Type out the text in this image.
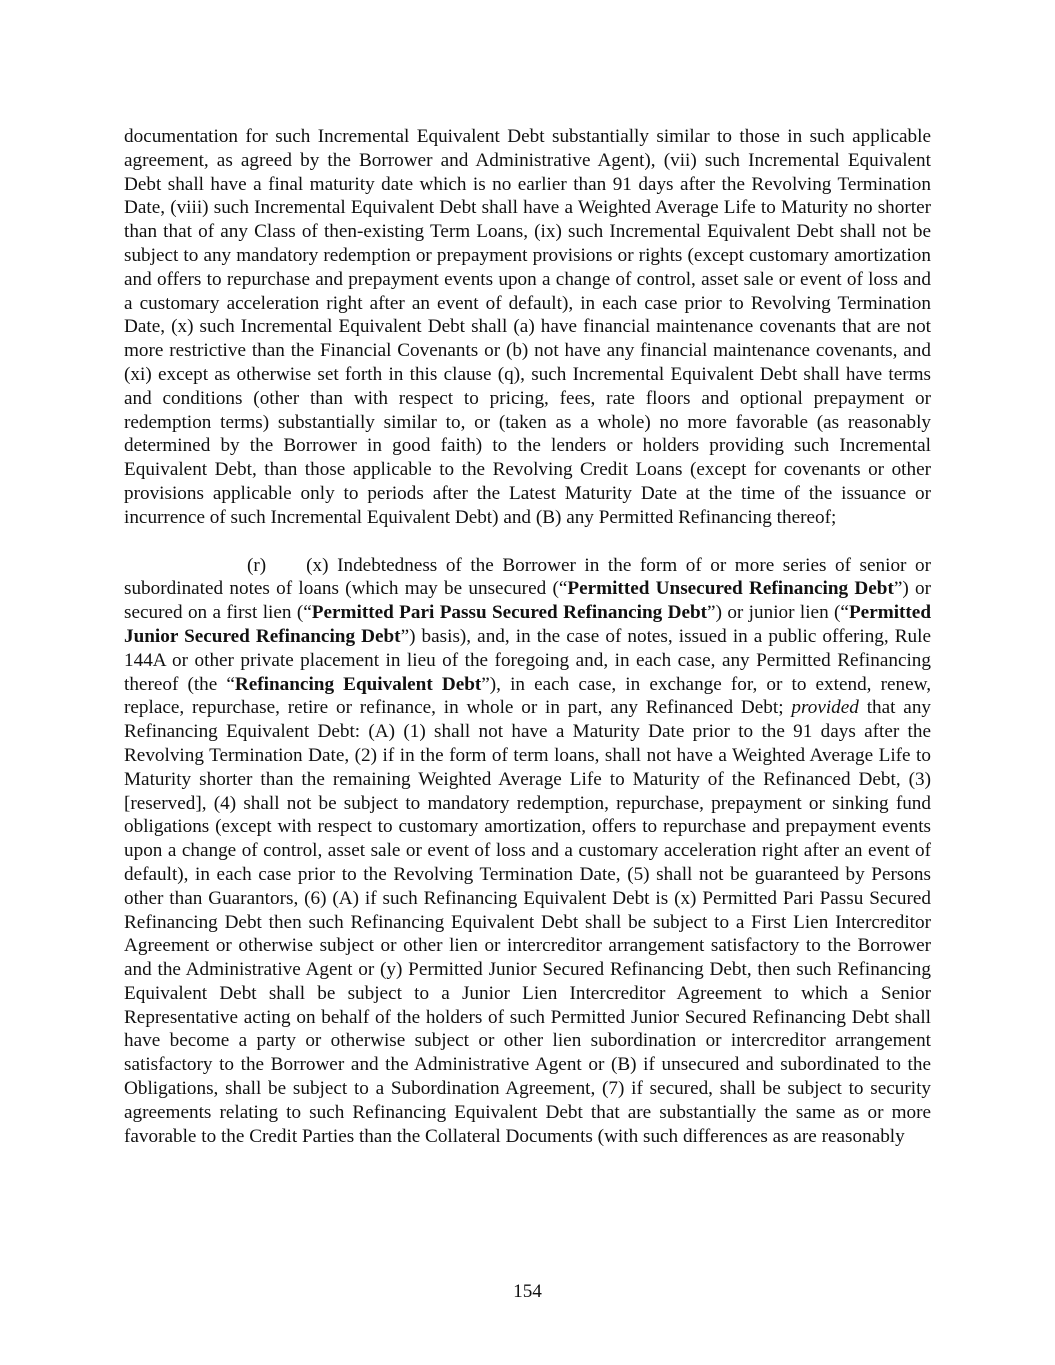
documentation for such Incremental Equivalent Debt substantially similar to those in such applicable agreement, as agreed by the Borrower and Administrative Agent), (vii) such Incremental Equivalent Debt shall have a final maturity date which is no earlier than 91 days after the Revolving Termination Date, (viii) such Incremental Equivalent Debt shall have a Weighted Average Life to Maturity no shorter than that of any Class of then-existing Term Loans, (ix) such Incremental Equivalent Debt shall not be subject to any mandatory redemption or prepayment provisions or rights (except customary amortization and offers to repurchase and prepayment events upon a change of control, asset sale or event of loss and a customary acceleration right after an event of default), in each case prior to Revolving Termination Date, (x) such Incremental Equivalent Debt shall (a) have financial maintenance covenants that are not more restrictive than the Financial Covenants or (b) not have any financial maintenance covenants, and (xi) except as otherwise set forth in this clause (q), such Incremental Equivalent Debt shall have terms and conditions (other than with respect to pricing, fees, rate floors and optional prepayment or redemption terms) substantially similar to, or (taken as a whole) no more favorable (as reasonably determined by the Borrower in good faith) to the lenders or holders providing such Incremental Equivalent Debt, than those applicable to the Revolving Credit Loans (except for covenants or other provisions applicable only to periods after the Latest Maturity Date at the time of the issuance or incurrence of such Incremental Equivalent Debt) and (B) any Permitted Refinancing thereof;

(r) (x) Indebtedness of the Borrower in the form of or more series of senior or subordinated notes of loans (which may be unsecured (“Permitted Unsecured Refinancing Debt”) or secured on a first lien (“Permitted Pari Passu Secured Refinancing Debt”) or junior lien (“Permitted Junior Secured Refinancing Debt”) basis), and, in the case of notes, issued in a public offering, Rule 144A or other private placement in lieu of the foregoing and, in each case, any Permitted Refinancing thereof (the “Refinancing Equivalent Debt”), in each case, in exchange for, or to extend, renew, replace, repurchase, retire or refinance, in whole or in part, any Refinanced Debt; provided that any Refinancing Equivalent Debt: (A) (1) shall not have a Maturity Date prior to the 91 days after the Revolving Termination Date, (2) if in the form of term loans, shall not have a Weighted Average Life to Maturity shorter than the remaining Weighted Average Life to Maturity of the Refinanced Debt, (3) [reserved], (4) shall not be subject to mandatory redemption, repurchase, prepayment or sinking fund obligations (except with respect to customary amortization, offers to repurchase and prepayment events upon a change of control, asset sale or event of loss and a customary acceleration right after an event of default), in each case prior to the Revolving Termination Date, (5) shall not be guaranteed by Persons other than Guarantors, (6) (A) if such Refinancing Equivalent Debt is (x) Permitted Pari Passu Secured Refinancing Debt then such Refinancing Equivalent Debt shall be subject to a First Lien Intercreditor Agreement or otherwise subject or other lien or intercreditor arrangement satisfactory to the Borrower and the Administrative Agent or (y) Permitted Junior Secured Refinancing Debt, then such Refinancing Equivalent Debt shall be subject to a Junior Lien Intercreditor Agreement to which a Senior Representative acting on behalf of the holders of such Permitted Junior Secured Refinancing Debt shall have become a party or otherwise subject or other lien subordination or intercreditor arrangement satisfactory to the Borrower and the Administrative Agent or (B) if unsecured and subordinated to the Obligations, shall be subject to a Subordination Agreement, (7) if secured, shall be subject to security agreements relating to such Refinancing Equivalent Debt that are substantially the same as or more favorable to the Credit Parties than the Collateral Documents (with such differences as are reasonably

154
